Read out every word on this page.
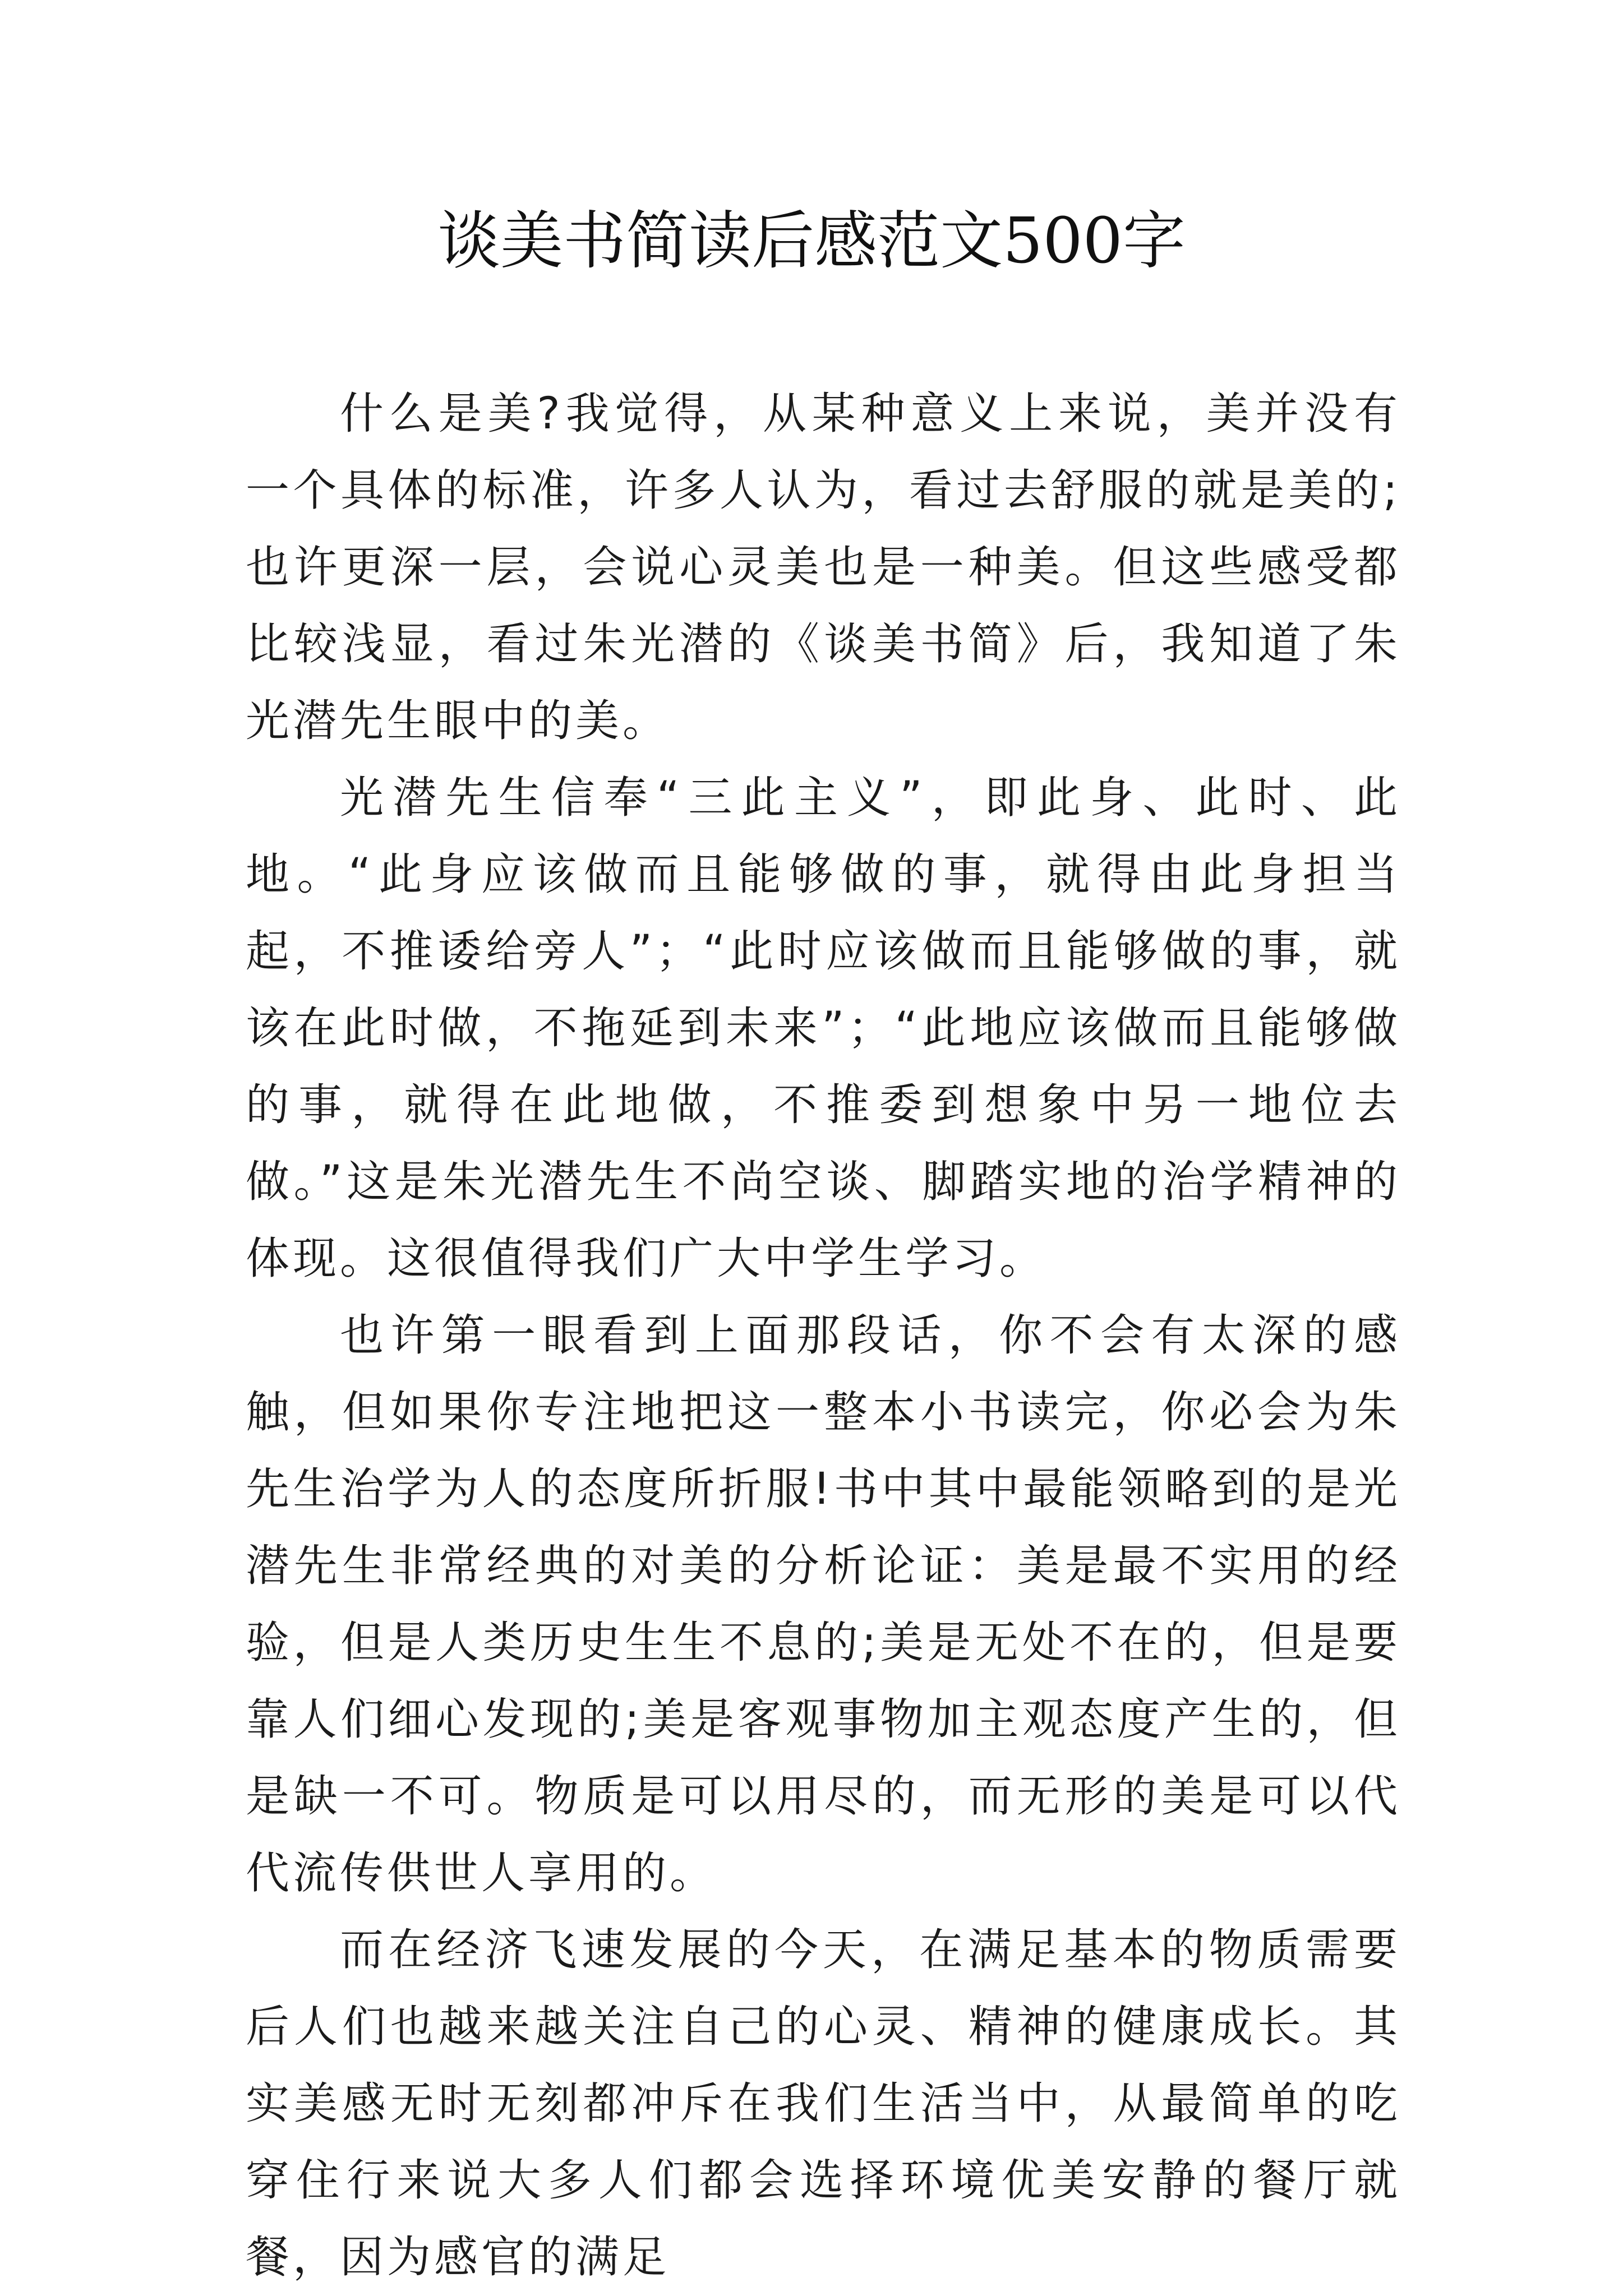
谈美书简读后感范文500字

什么是美?我觉得，从某种意义上来说，美并没有一个具体的标准，许多人认为，看过去舒服的就是美的;也许更深一层，会说心灵美也是一种美。但这些感受都比较浅显，看过朱光潜的《谈美书简》后，我知道了朱光潜先生眼中的美。

光潜先生信奉“三此主义”，即此身、此时、此地。“此身应该做而且能够做的事，就得由此身担当起，不推诿给旁人”；“此时应该做而且能够做的事，就该在此时做，不拖延到未来”；“此地应该做而且能够做的事，就得在此地做，不推委到想象中另一地位去做。”这是朱光潜先生不尚空谈、脚踏实地的治学精神的体现。这很值得我们广大中学生学习。

也许第一眼看到上面那段话，你不会有太深的感触，但如果你专注地把这一整本小书读完，你必会为朱先生治学为人的态度所折服!书中其中最能领略到的是光潜先生非常经典的对美的分析论证：美是最不实用的经验，但是人类历史生生不息的;美是无处不在的，但是要靠人们细心发现的;美是客观事物加主观态度产生的，但是缺一不可。物质是可以用尽的，而无形的美是可以代代流传供世人享用的。

而在经济飞速发展的今天，在满足基本的物质需要后人们也越来越关注自己的心灵、精神的健康成长。其实美感无时无刻都冲斥在我们生活当中，从最简单的吃穿住行来说大多人们都会选择环境优美安静的餐厅就餐，因为感官的满足
